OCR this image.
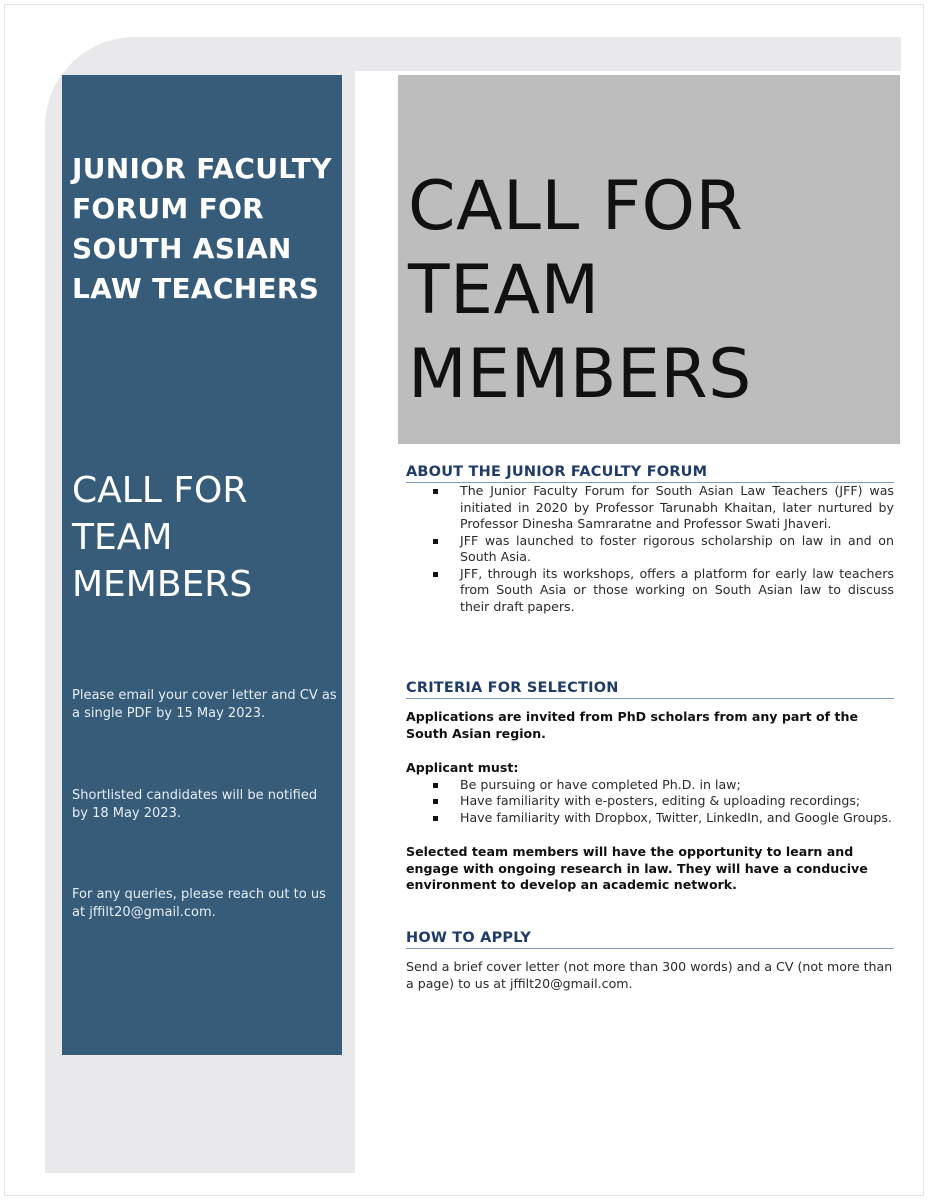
JUNIOR FACULTY FORUM FOR SOUTH ASIAN LAW TEACHERS
CALL FOR TEAM MEMBERS

Please email your cover letter and CV as a single PDF by 15 May 2023.

Shortlisted candidates will be notified by 18 May 2023.

For any queries, please reach out to us at jffilt20@gmail.com.

CALL FOR
TEAM
MEMBERS
ABOUT THE JUNIOR FACULTY FORUM
The Junior Faculty Forum for South Asian Law Teachers (JFF) was initiated in 2020 by Professor Tarunabh Khaitan, later nurtured by Professor Dinesha Samraratne and Professor Swati Jhaveri.
JFF was launched to foster rigorous scholarship on law in and on South Asia.
JFF, through its workshops, offers a platform for early law teachers from South Asia or those working on South Asian law to discuss their draft papers.
CRITERIA FOR SELECTION

Applications are invited from PhD scholars from any part of the South Asian region.

Applicant must:

Be pursuing or have completed Ph.D. in law;
Have familiarity with e-posters, editing & uploading recordings;
Have familiarity with Dropbox, Twitter, LinkedIn, and Google Groups.

Selected team members will have the opportunity to learn and engage with ongoing research in law. They will have a conducive environment to develop an academic network.

HOW TO APPLY

Send a brief cover letter (not more than 300 words) and a CV (not more than a page) to us at jffilt20@gmail.com.
